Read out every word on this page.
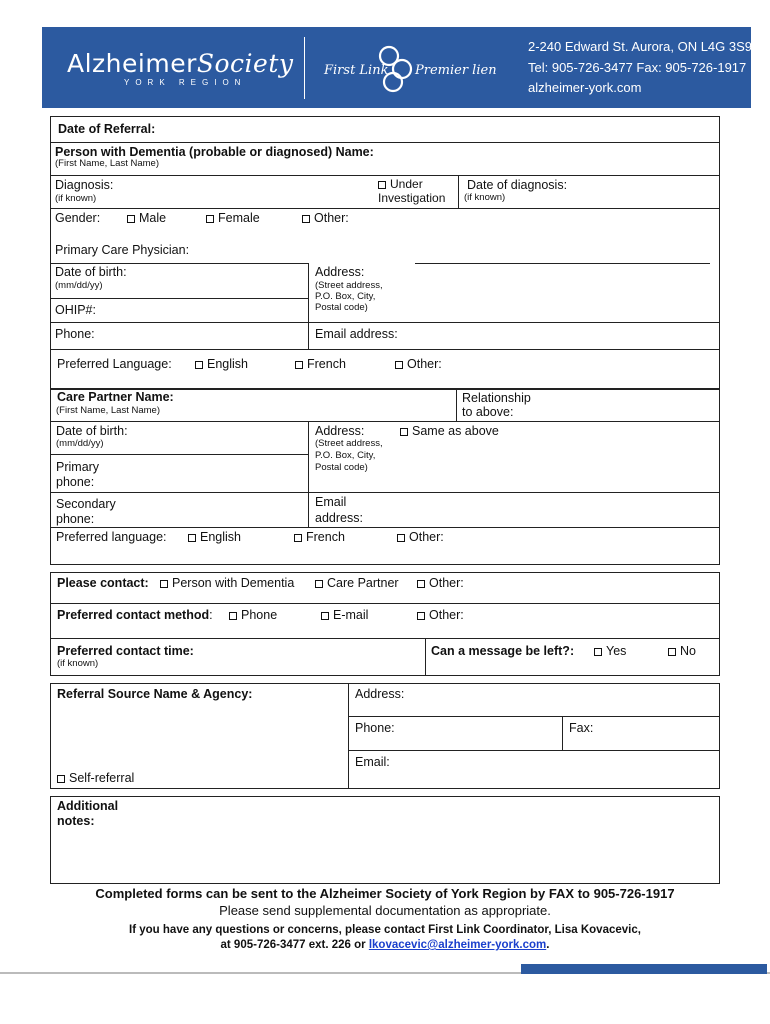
AlzheimerSociety
YORK REGION
First Link Premier lien
2-240 Edward St. Aurora, ON L4G 3S9
Tel: 905-726-3477 Fax: 905-726-1917
alzheimer-york.com
Date of Referral:
Person with Dementia (probable or diagnosed) Name:
(First Name, Last Name)
Diagnosis:
(if known)
Under
Investigation
Date of diagnosis:
(if known)
Gender:	Male	Female	Other:
Primary Care Physician:
Date of birth:
(mm/dd/yy)
Address:
(Street address,
P.O. Box, City,
Postal code)
OHIP#:
Phone:	Email address:
Preferred Language:	English	French	Other:
Care Partner Name:
(First Name, Last Name)
Relationship
to above:
Date of birth:
(mm/dd/yy)
Address:	Same as above
(Street address,
P.O. Box, City,
Postal code)
Primary
phone:
Secondary
phone:
Email
address:
Preferred language:	English	French	Other:
Please contact:	Person with Dementia	Care Partner	Other:
Preferred contact method:	Phone	E-mail	Other:
Preferred contact time:
(if known)
Can a message be left?:	Yes	No
Referral Source Name & Agency:	Address:
Phone:	Fax:
Email:
Self-referral
Additional
notes:
Completed forms can be sent to the Alzheimer Society of York Region by FAX to 905-726-1917
Please send supplemental documentation as appropriate.
If you have any questions or concerns, please contact First Link Coordinator, Lisa Kovacevic,
at 905-726-3477 ext. 226 or lkovacevic@alzheimer-york.com.
